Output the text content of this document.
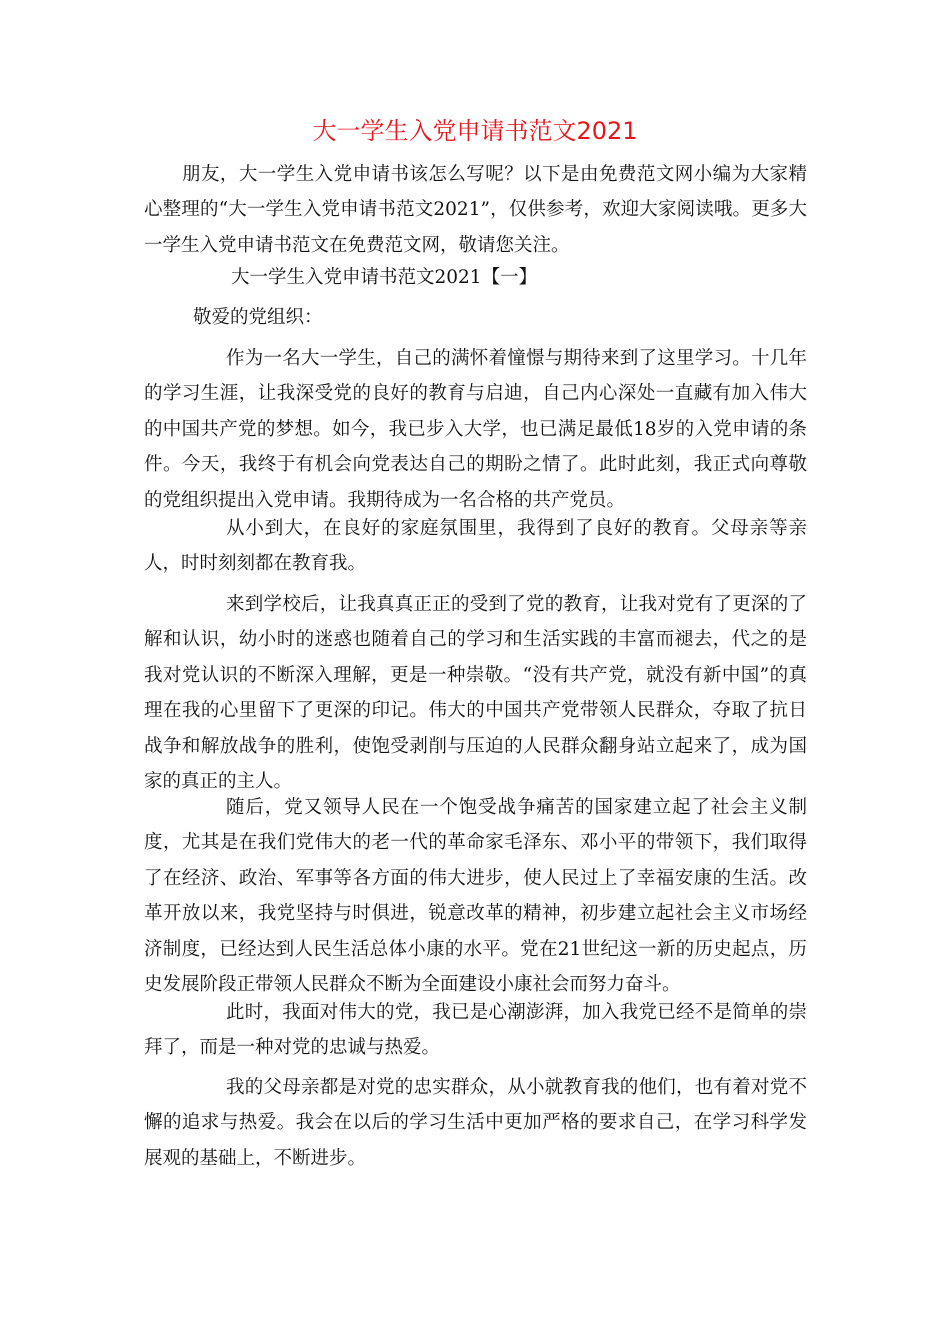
大一学生入党申请书范文2021

朋友，大一学生入党申请书该怎么写呢？以下是由免费范文网小编为大家精心整理的“大一学生入党申请书范文2021”，仅供参考，欢迎大家阅读哦。更多大一学生入党申请书范文在免费范文网，敬请您关注。

大一学生入党申请书范文2021【一】
敬爱的党组织：

作为一名大一学生，自己的满怀着憧憬与期待来到了这里学习。十几年的学习生涯，让我深受党的良好的教育与启迪，自己内心深处一直藏有加入伟大的中国共产党的梦想。如今，我已步入大学，也已满足最低18岁的入党申请的条件。今天，我终于有机会向党表达自己的期盼之情了。此时此刻，我正式向尊敬的党组织提出入党申请。我期待成为一名合格的共产党员。

从小到大，在良好的家庭氛围里，我得到了良好的教育。父母亲等亲人，时时刻刻都在教育我。

来到学校后，让我真真正正的受到了党的教育，让我对党有了更深的了解和认识，幼小时的迷惑也随着自己的学习和生活实践的丰富而褪去，代之的是我对党认识的不断深入理解，更是一种崇敬。“没有共产党，就没有新中国”的真理在我的心里留下了更深的印记。伟大的中国共产党带领人民群众，夺取了抗日战争和解放战争的胜利，使饱受剥削与压迫的人民群众翻身站立起来了，成为国家的真正的主人。

随后，党又领导人民在一个饱受战争痛苦的国家建立起了社会主义制度，尤其是在我们党伟大的老一代的革命家毛泽东、邓小平的带领下，我们取得了在经济、政治、军事等各方面的伟大进步，使人民过上了幸福安康的生活。改革开放以来，我党坚持与时俱进，锐意改革的精神，初步建立起社会主义市场经济制度，已经达到人民生活总体小康的水平。党在21世纪这一新的历史起点，历史发展阶段正带领人民群众不断为全面建设小康社会而努力奋斗。

此时，我面对伟大的党，我已是心潮澎湃，加入我党已经不是简单的崇拜了，而是一种对党的忠诚与热爱。

我的父母亲都是对党的忠实群众，从小就教育我的他们，也有着对党不懈的追求与热爱。我会在以后的学习生活中更加严格的要求自己，在学习科学发展观的基础上，不断进步。
